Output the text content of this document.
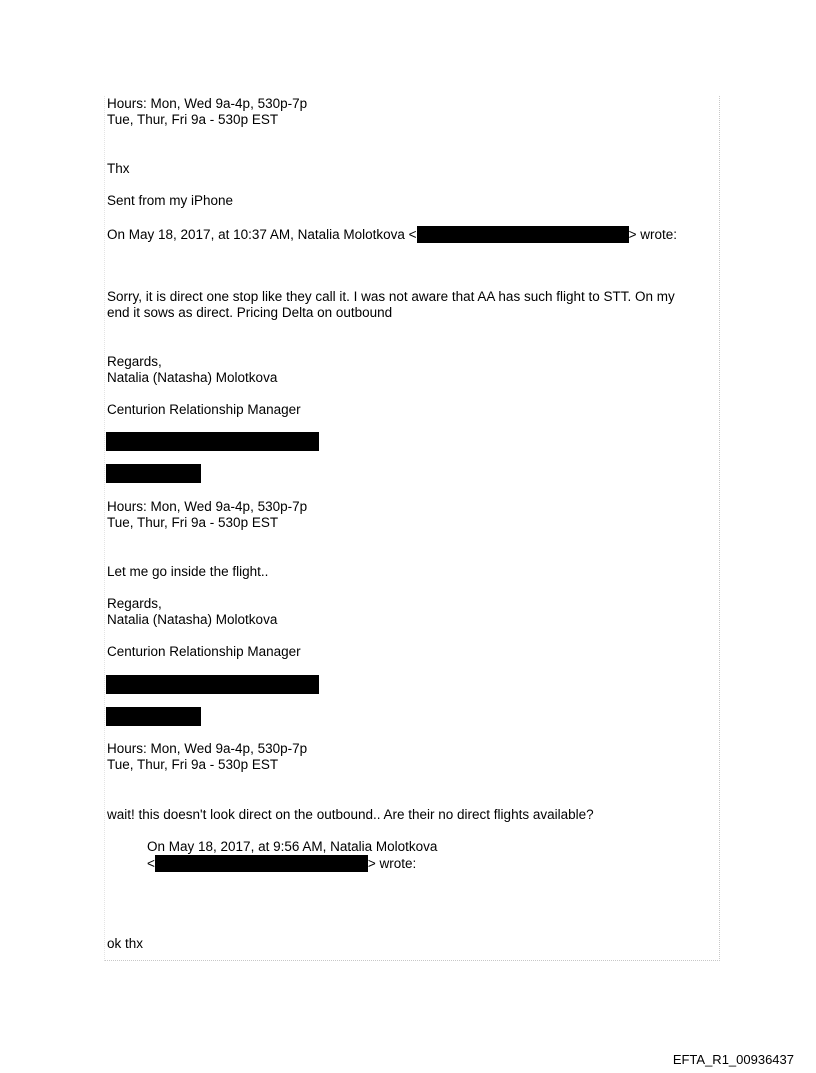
Hours: Mon, Wed 9a-4p, 530p-7p
Tue, Thur, Fri 9a - 530p EST
Thx
Sent from my iPhone
On May 18, 2017, at 10:37 AM, Natalia Molotkova <	> wrote:
Sorry, it is direct one stop like they call it. I was not aware that AA has such flight to STT. On my
end it sows as direct. Pricing Delta on outbound
Regards,
Natalia (Natasha) Molotkova
Centurion Relationship Manager
Hours: Mon, Wed 9a-4p, 530p-7p
Tue, Thur, Fri 9a - 530p EST
Let me go inside the flight..
Regards,
Natalia (Natasha) Molotkova
Centurion Relationship Manager
Hours: Mon, Wed 9a-4p, 530p-7p
Tue, Thur, Fri 9a - 530p EST
wait! this doesn't look direct on the outbound.. Are their no direct flights available?
On May 18, 2017, at 9:56 AM, Natalia Molotkova
<	> wrote:
ok thx
EFTA_R1_00936437
